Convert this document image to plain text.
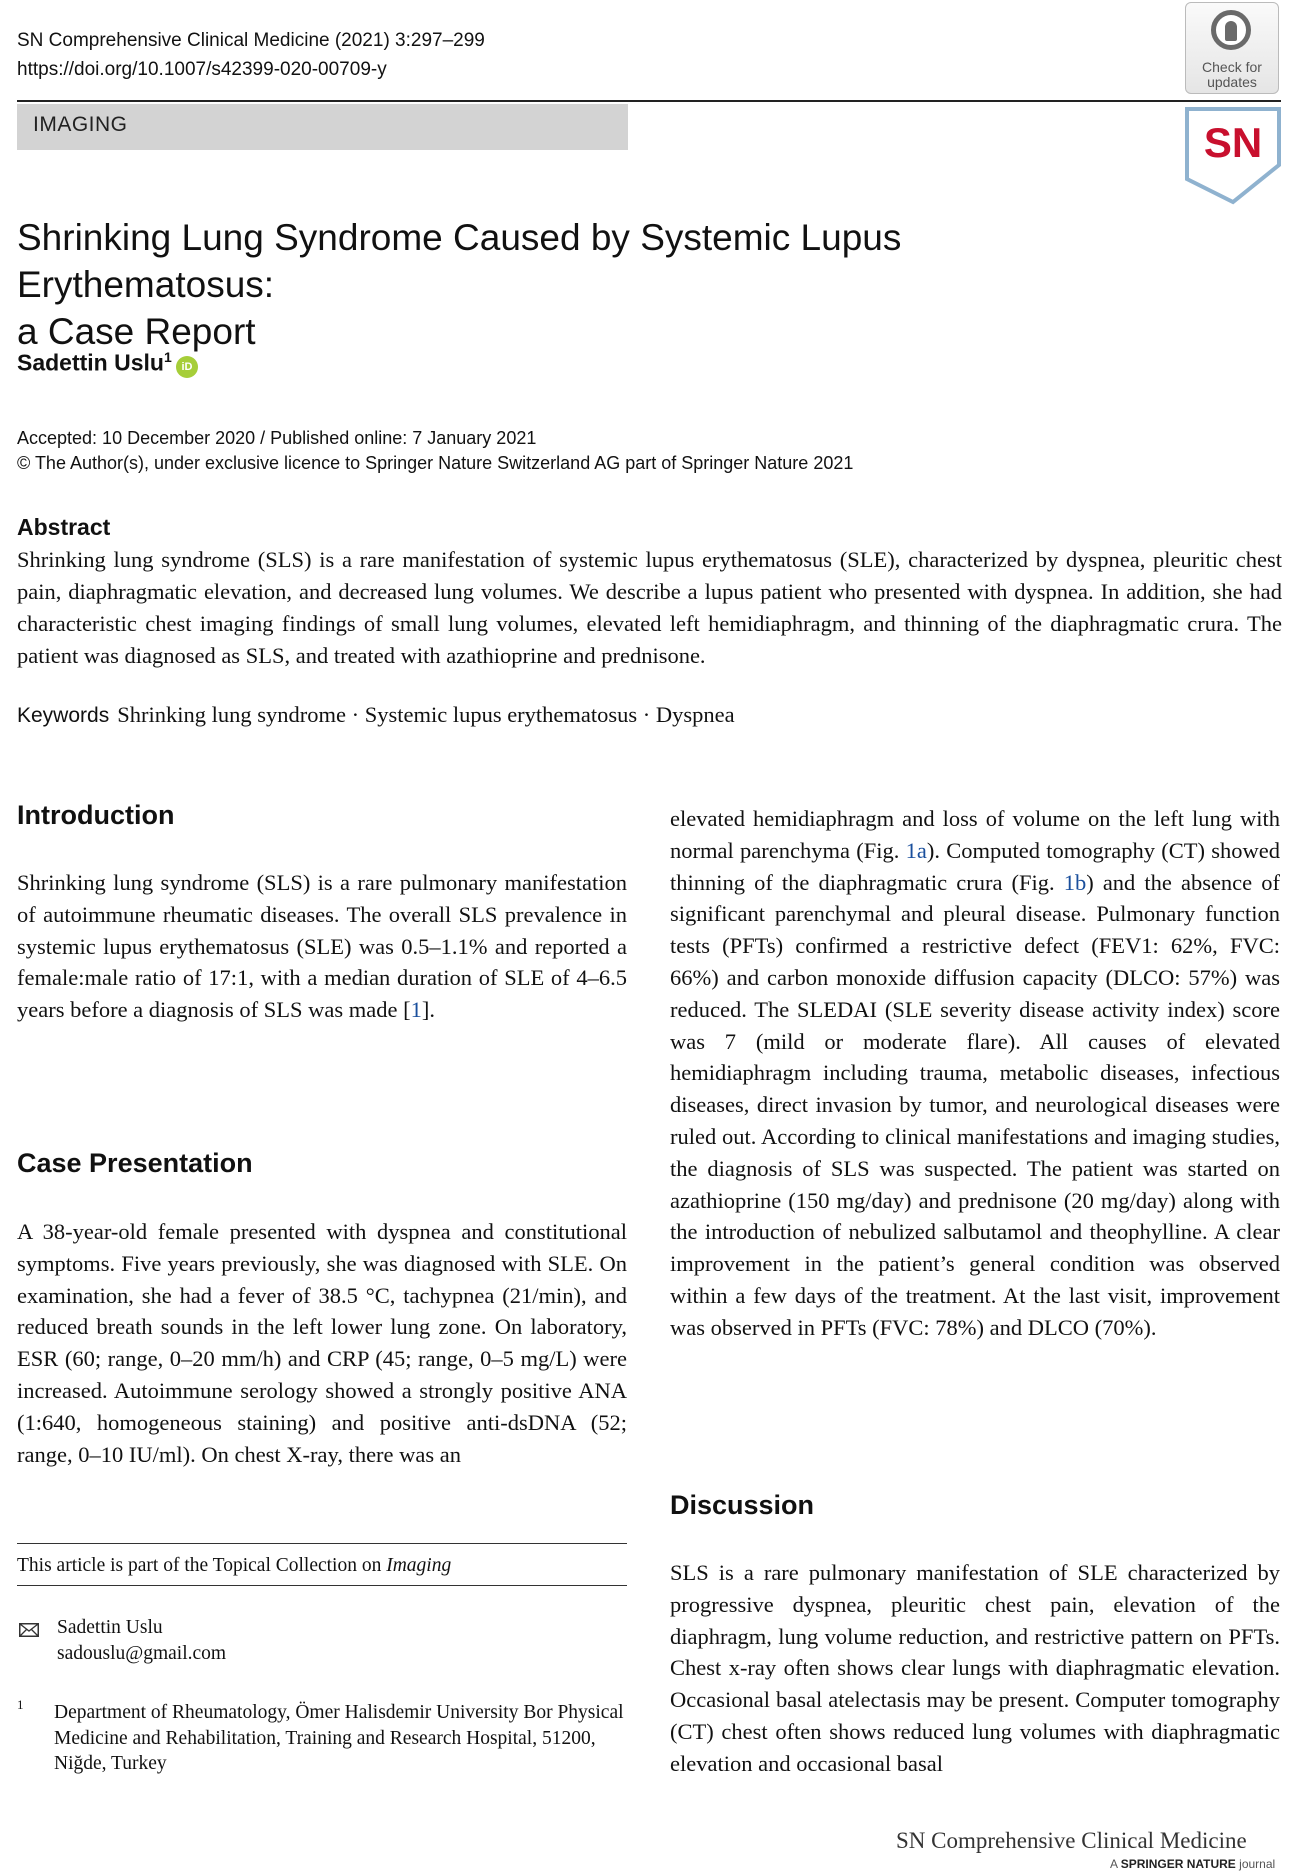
SN Comprehensive Clinical Medicine (2021) 3:297–299
https://doi.org/10.1007/s42399-020-00709-y
IMAGING
Check for updates
SN
Shrinking Lung Syndrome Caused by Systemic Lupus Erythematosus:
a Case Report
Sadettin Uslu$^1$
iD
Accepted: 10 December 2020 / Published online: 7 January 2021
© The Author(s), under exclusive licence to Springer Nature Switzerland AG part of Springer Nature 2021
Abstract
Shrinking lung syndrome (SLS) is a rare manifestation of systemic lupus erythematosus (SLE), characterized by dyspnea, pleuritic chest pain, diaphragmatic elevation, and decreased lung volumes. We describe a lupus patient who presented with dyspnea. In addition, she had characteristic chest imaging findings of small lung volumes, elevated left hemidiaphragm, and thinning of the diaphragmatic crura. The patient was diagnosed as SLS, and treated with azathioprine and prednisone.
Keywords Shrinking lung syndrome · Systemic lupus erythematosus · Dyspnea
Introduction
Shrinking lung syndrome (SLS) is a rare pulmonary manifestation of autoimmune rheumatic diseases. The overall SLS prevalence in systemic lupus erythematosus (SLE) was 0.5–1.1% and reported a female:male ratio of 17:1, with a median duration of SLE of 4–6.5 years before a diagnosis of SLS was made [1].
Case Presentation
A 38-year-old female presented with dyspnea and constitutional symptoms. Five years previously, she was diagnosed with SLE. On examination, she had a fever of 38.5 °C, tachypnea (21/min), and reduced breath sounds in the left lower lung zone. On laboratory, ESR (60; range, 0–20 mm/h) and CRP (45; range, 0–5 mg/L) were increased. Autoimmune serology showed a strongly positive ANA (1:640, homogeneous staining) and positive anti-dsDNA (52; range, 0–10 IU/ml). On chest X-ray, there was an
elevated hemidiaphragm and loss of volume on the left lung with normal parenchyma (Fig. 1a). Computed tomography (CT) showed thinning of the diaphragmatic crura (Fig. 1b) and the absence of significant parenchymal and pleural disease. Pulmonary function tests (PFTs) confirmed a restrictive defect (FEV1: 62%, FVC: 66%) and carbon monoxide diffusion capacity (DLCO: 57%) was reduced. The SLEDAI (SLE severity disease activity index) score was 7 (mild or moderate flare). All causes of elevated hemidiaphragm including trauma, metabolic diseases, infectious diseases, direct invasion by tumor, and neurological diseases were ruled out. According to clinical manifestations and imaging studies, the diagnosis of SLS was suspected. The patient was started on azathioprine (150 mg/day) and prednisone (20 mg/day) along with the introduction of nebulized salbutamol and theophylline. A clear improvement in the patient’s general condition was observed within a few days of the treatment. At the last visit, improvement was observed in PFTs (FVC: 78%) and DLCO (70%).
Discussion
SLS is a rare pulmonary manifestation of SLE characterized by progressive dyspnea, pleuritic chest pain, elevation of the diaphragm, lung volume reduction, and restrictive pattern on PFTs. Chest x-ray often shows clear lungs with diaphragmatic elevation. Occasional basal atelectasis may be present. Computer tomography (CT) chest often shows reduced lung volumes with diaphragmatic elevation and occasional basal
This article is part of the Topical Collection on Imaging
Sadettin Uslu
sadouslu@gmail.com
1 Department of Rheumatology, Ömer Halisdemir University Bor Physical Medicine and Rehabilitation, Training and Research Hospital, 51200, Niğde, Turkey
SN Comprehensive Clinical Medicine
A SPRINGER NATURE journal
